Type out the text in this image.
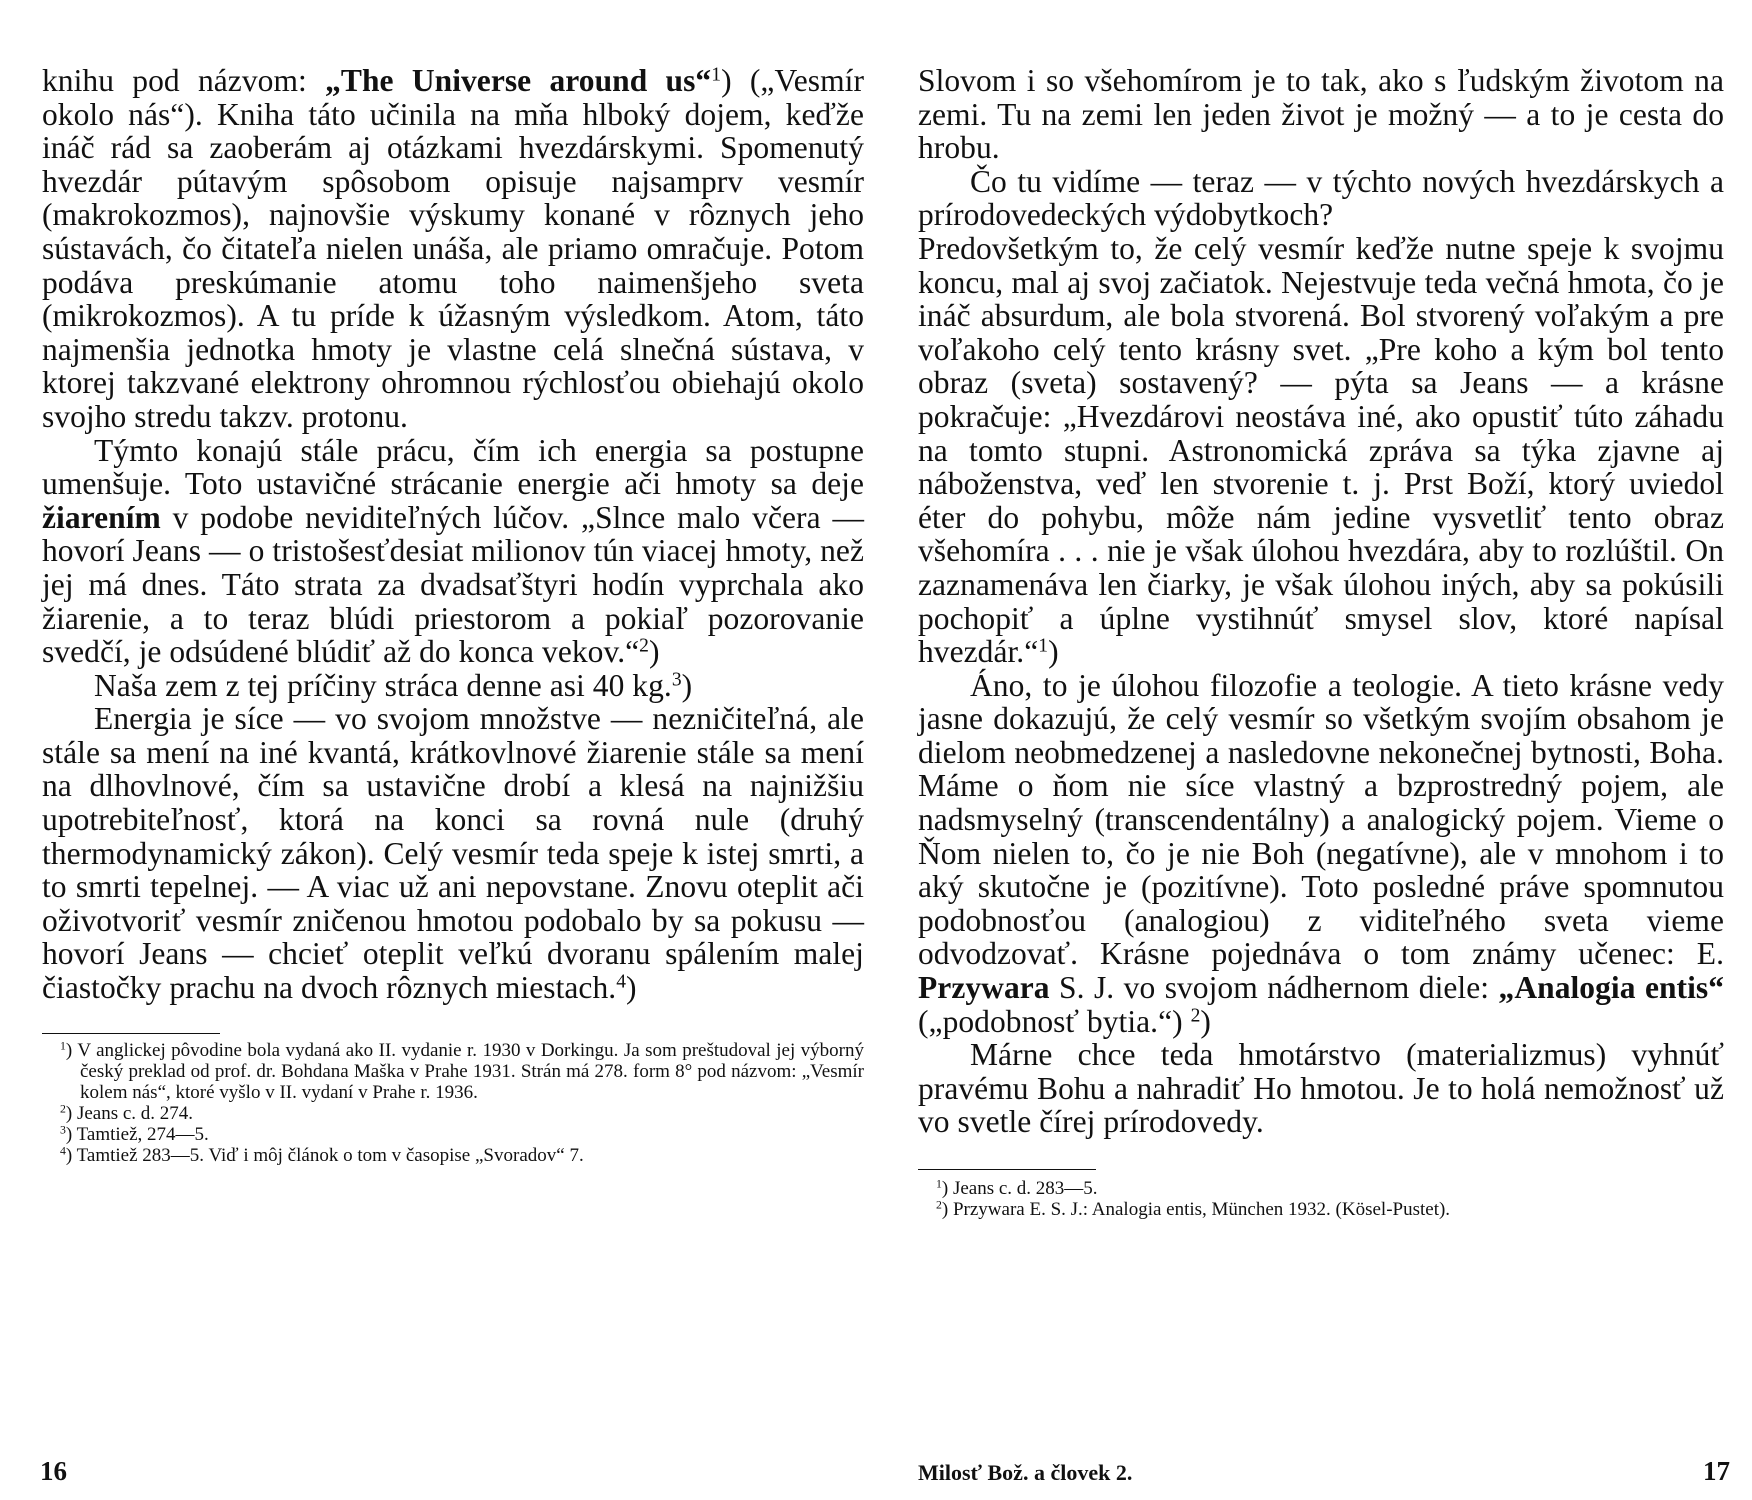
knihu pod názvom: „The Universe around us“$^1$) („Vesmír okolo nás“). Kniha táto učinila na mňa hlboký dojem, keďže ináč rád sa zaoberám aj otázkami hvezdárskymi. Spomenutý hvezdár pútavým spôsobom opisuje najsamprv vesmír (makrokozmos), najnovšie výskumy konané v rôznych jeho sústavách, čo čitateľa nielen unáša, ale priamo omračuje. Potom podáva preskúmanie atomu toho naimenšjeho sveta (mikrokozmos). A tu príde k úžasným výsledkom. Atom, táto najmenšia jednotka hmoty je vlastne celá slnečná sústava, v ktorej takzvané elektrony ohromnou rýchlosťou obiehajú okolo svojho stredu takzv. protonu.

Týmto konajú stále prácu, čím ich energia sa postupne umenšuje. Toto ustavičné strácanie energie ači hmoty sa deje žiarením v podobe neviditeľných lúčov. „Slnce malo včera — hovorí Jeans — o tristošesťdesiat milionov tún viacej hmoty, než jej má dnes. Táto strata za dvadsaťštyri hodín vyprchala ako žiarenie, a to teraz blúdi priestorom a pokiaľ pozorovanie svedčí, je odsúdené blúdiť až do konca vekov.“$^2$)

Naša zem z tej príčiny stráca denne asi 40 kg.$^3$)

Energia je síce — vo svojom množstve — nezničiteľná, ale stále sa mení na iné kvantá, krátkovlnové žiarenie stále sa mení na dlhovlnové, čím sa ustavične drobí a klesá na najnižšiu upotrebiteľnosť, ktorá na konci sa rovná nule (druhý thermodynamický zákon). Celý vesmír teda speje k istej smrti, a to smrti tepelnej. — A viac už ani nepovstane. Znovu oteplit ači oživotvoriť vesmír zničenou hmotou podobalo by sa pokusu — hovorí Jeans — chcieť oteplit veľkú dvoranu spálením malej čiastočky prachu na dvoch rôznych miestach.$^4$)

$^1$) V anglickej pôvodine bola vydaná ako II. vydanie r. 1930 v Dorkingu. Ja som preštudoval jej výborný český preklad od prof. dr. Bohdana Maška v Prahe 1931. Strán má 278. form 8° pod názvom: „Vesmír kolem nás“, ktoré vyšlo v II. vydaní v Prahe r. 1936.

$^2$) Jeans c. d. 274.

$^3$) Tamtiež, 274—5.

$^4$) Tamtiež 283—5. Viď i môj článok o tom v časopise „Svoradov“ 7.

16

Slovom i so všehomírom je to tak, ako s ľudským životom na zemi. Tu na zemi len jeden život je možný — a to je cesta do hrobu.

Čo tu vidíme — teraz — v týchto nových hvezdárskych a prírodovedeckých výdobytkoch?

Predovšetkým to, že celý vesmír keďže nutne speje k svojmu koncu, mal aj svoj začiatok. Nejestvuje teda večná hmota, čo je ináč absurdum, ale bola stvorená. Bol stvorený voľakým a pre voľakoho celý tento krásny svet. „Pre koho a kým bol tento obraz (sveta) sostavený? — pýta sa Jeans — a krásne pokračuje: „Hvezdárovi neostáva iné, ako opustiť túto záhadu na tomto stupni. Astronomická zpráva sa týka zjavne aj náboženstva, veď len stvorenie t. j. Prst Boží, ktorý uviedol éter do pohybu, môže nám jedine vysvetliť tento obraz všehomíra . . . nie je však úlohou hvezdára, aby to rozlúštil. On zaznamenáva len čiarky, je však úlohou iných, aby sa pokúsili pochopiť a úplne vystihnúť smysel slov, ktoré napísal hvezdár.“$^1$)

Áno, to je úlohou filozofie a teologie. A tieto krásne vedy jasne dokazujú, že celý vesmír so všetkým svojím obsahom je dielom neobmedzenej a nasledovne nekonečnej bytnosti, Boha. Máme o ňom nie síce vlastný a bzprostredný pojem, ale nadsmyselný (transcendentálny) a analogický pojem. Vieme o Ňom nielen to, čo je nie Boh (negatívne), ale v mnohom i to aký skutočne je (pozitívne). Toto posledné práve spomnutou podobnosťou (analogiou) z viditeľného sveta vieme odvodzovať. Krásne pojednáva o tom známy učenec: E. Przywara S. J. vo svojom nádhernom diele: „Analogia entis“ („podobnosť bytia.“) $^2$)

Márne chce teda hmotárstvo (materializmus) vyhnúť pravému Bohu a nahradiť Ho hmotou. Je to holá nemožnosť už vo svetle čírej prírodovedy.

$^1$) Jeans c. d. 283—5.

$^2$) Przywara E. S. J.: Analogia entis, München 1932. (Kösel-Pustet).

Milosť Bož. a človek 2.	17
